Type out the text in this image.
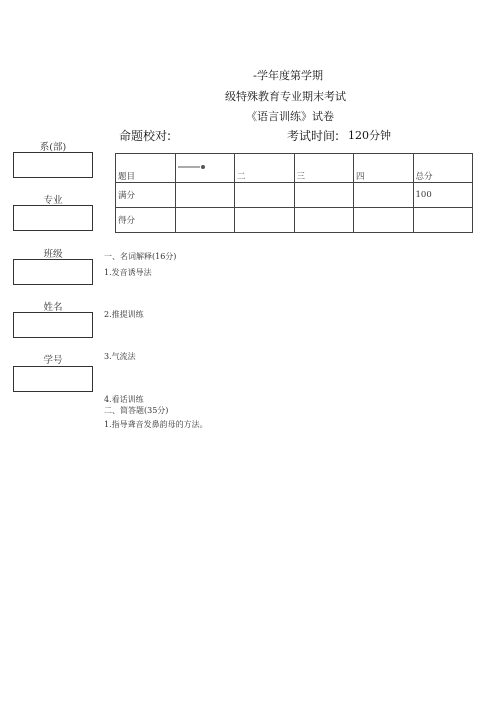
-学年度第学期
级特殊教育专业期末考试
《语言训练》试卷
命题校对:	考试时间: 120分钟
系(部)
专业
班级
姓名
学号
题目		二	三	四	总分
满分					100
得分					
一、名词解释(16分)
1.发音诱导法
2.推提训练
3.气流法
4.看话训练
二、简答题(35分)
1.指导聋音发鼻韵母的方法。
